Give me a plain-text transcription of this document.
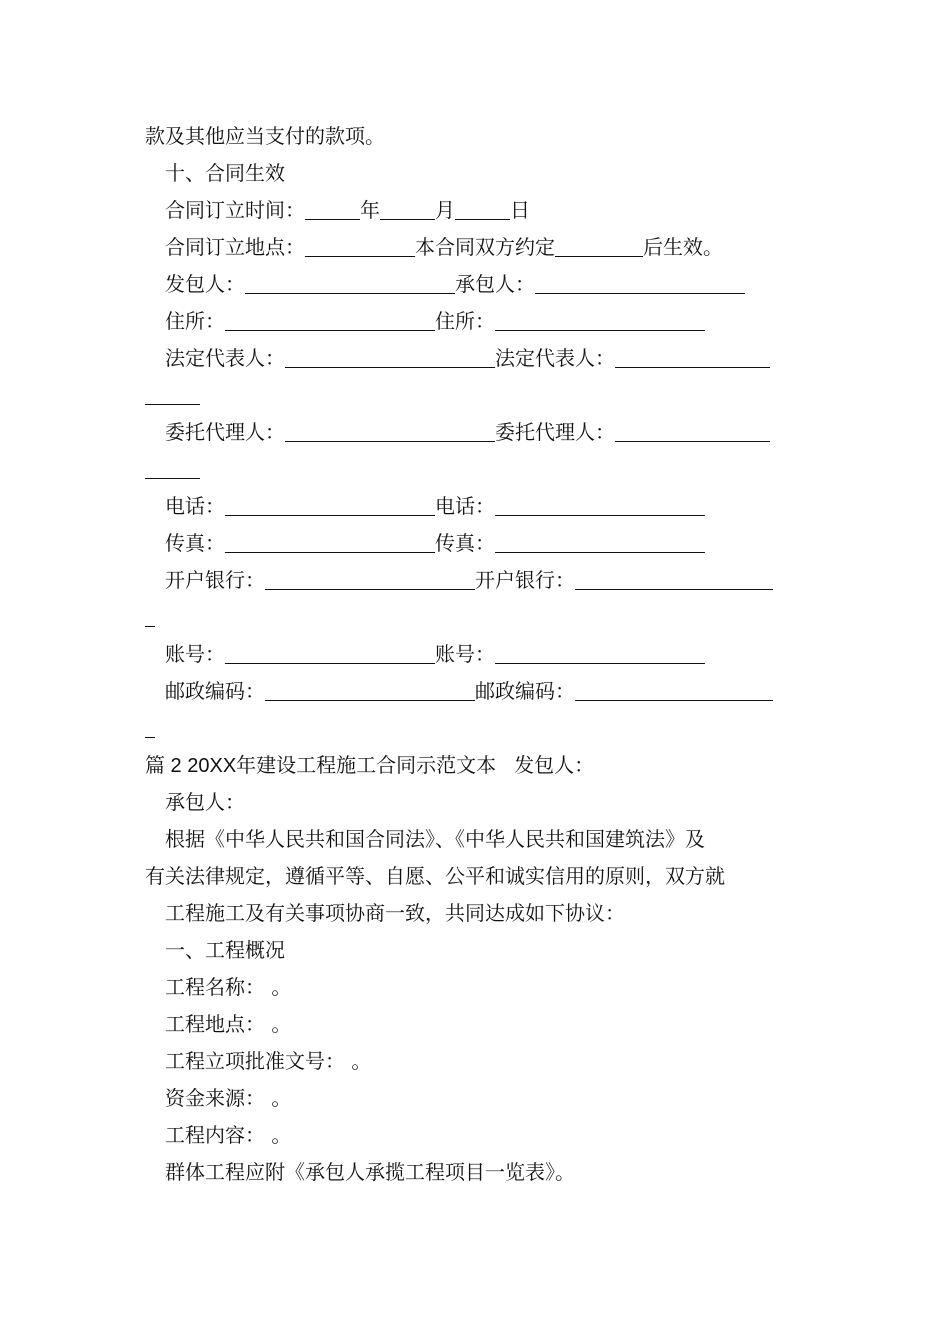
款及其他应当支付的款项。
十、合同生效
合同订立时间：	年	月	日
合同订立地点：	本合同双方约定	后生效。
发包人：	承包人：
住所：	住所：
法定代表人：	法定代表人：
委托代理人：	委托代理人：
电话：	电话：
传真：	传真：
开户银行：	开户银行：
账号：	账号：
邮政编码：	邮政编码：
篇 2 20XX年建设工程施工合同示范文本 发包人：
承包人：
根据《中华人民共和国合同法》、《中华人民共和国建筑法》及
有关法律规定，遵循平等、自愿、公平和诚实信用的原则，双方就
工程施工及有关事项协商一致，共同达成如下协议：
一、工程概况
工程名称： 。
工程地点： 。
工程立项批准文号： 。
资金来源： 。
工程内容： 。
群体工程应附《承包人承揽工程项目一览表》。
